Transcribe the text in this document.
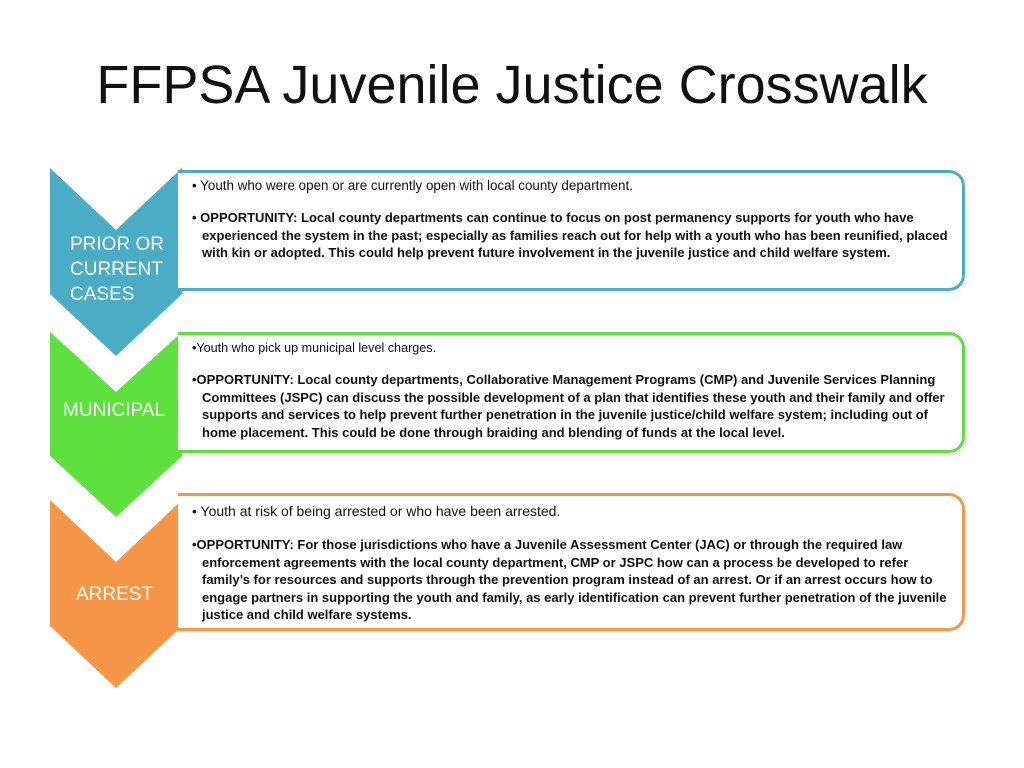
FFPSA Juvenile Justice Crosswalk
PRIOR OR
CURRENT
CASES
MUNICIPAL
ARREST

• Youth who were open or are currently open with local county department.

• OPPORTUNITY: Local county departments can continue to focus on post permanency supports for youth who have experienced the system in the past; especially as families reach out for help with a youth who has been reunified, placed with kin or adopted. This could help prevent future involvement in the juvenile justice and child welfare system.

•Youth who pick up municipal level charges.

•OPPORTUNITY: Local county departments, Collaborative Management Programs (CMP) and Juvenile Services Planning Committees (JSPC) can discuss the possible development of a plan that identifies these youth and their family and offer supports and services to help prevent further penetration in the juvenile justice/child welfare system; including out of home placement. This could be done through braiding and blending of funds at the local level.

• Youth at risk of being arrested or who have been arrested.

•OPPORTUNITY: For those jurisdictions who have a Juvenile Assessment Center (JAC) or through the required law enforcement agreements with the local county department, CMP or JSPC how can a process be developed to refer family’s for resources and supports through the prevention program instead of an arrest. Or if an arrest occurs how to engage partners in supporting the youth and family, as early identification can prevent further penetration of the juvenile justice and child welfare systems.
